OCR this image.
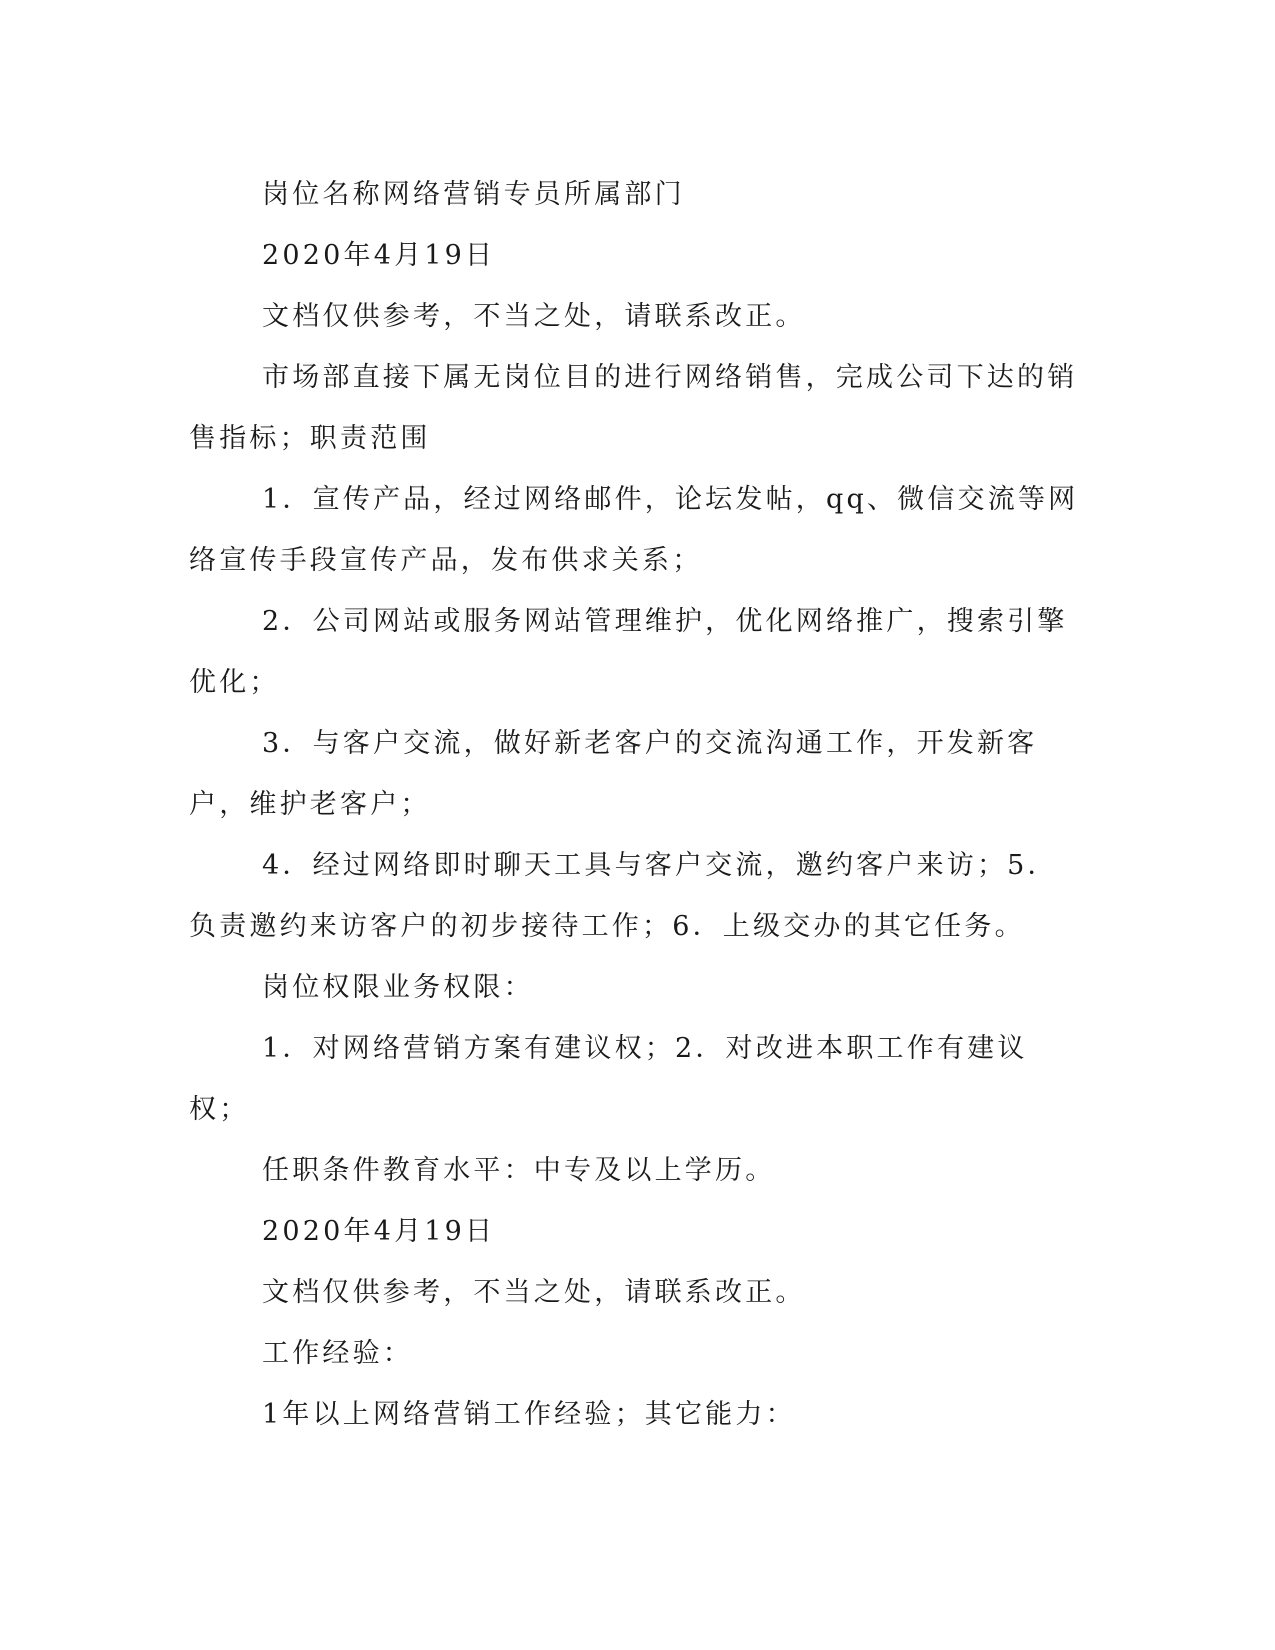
岗位名称网络营销专员所属部门

2020年4月19日

文档仅供参考，不当之处，请联系改正。

市场部直接下属无岗位目的进行网络销售，完成公司下达的销售指标；职责范围

1．宣传产品，经过网络邮件，论坛发帖，qq、微信交流等网络宣传手段宣传产品，发布供求关系；

2．公司网站或服务网站管理维护，优化网络推广，搜索引擎优化；

3．与客户交流，做好新老客户的交流沟通工作，开发新客户，维护老客户；

4．经过网络即时聊天工具与客户交流，邀约客户来访；5．负责邀约来访客户的初步接待工作；6．上级交办的其它任务。

岗位权限业务权限：

1．对网络营销方案有建议权；2．对改进本职工作有建议权；

任职条件教育水平：中专及以上学历。

2020年4月19日

文档仅供参考，不当之处，请联系改正。

工作经验：

1年以上网络营销工作经验；其它能力：
